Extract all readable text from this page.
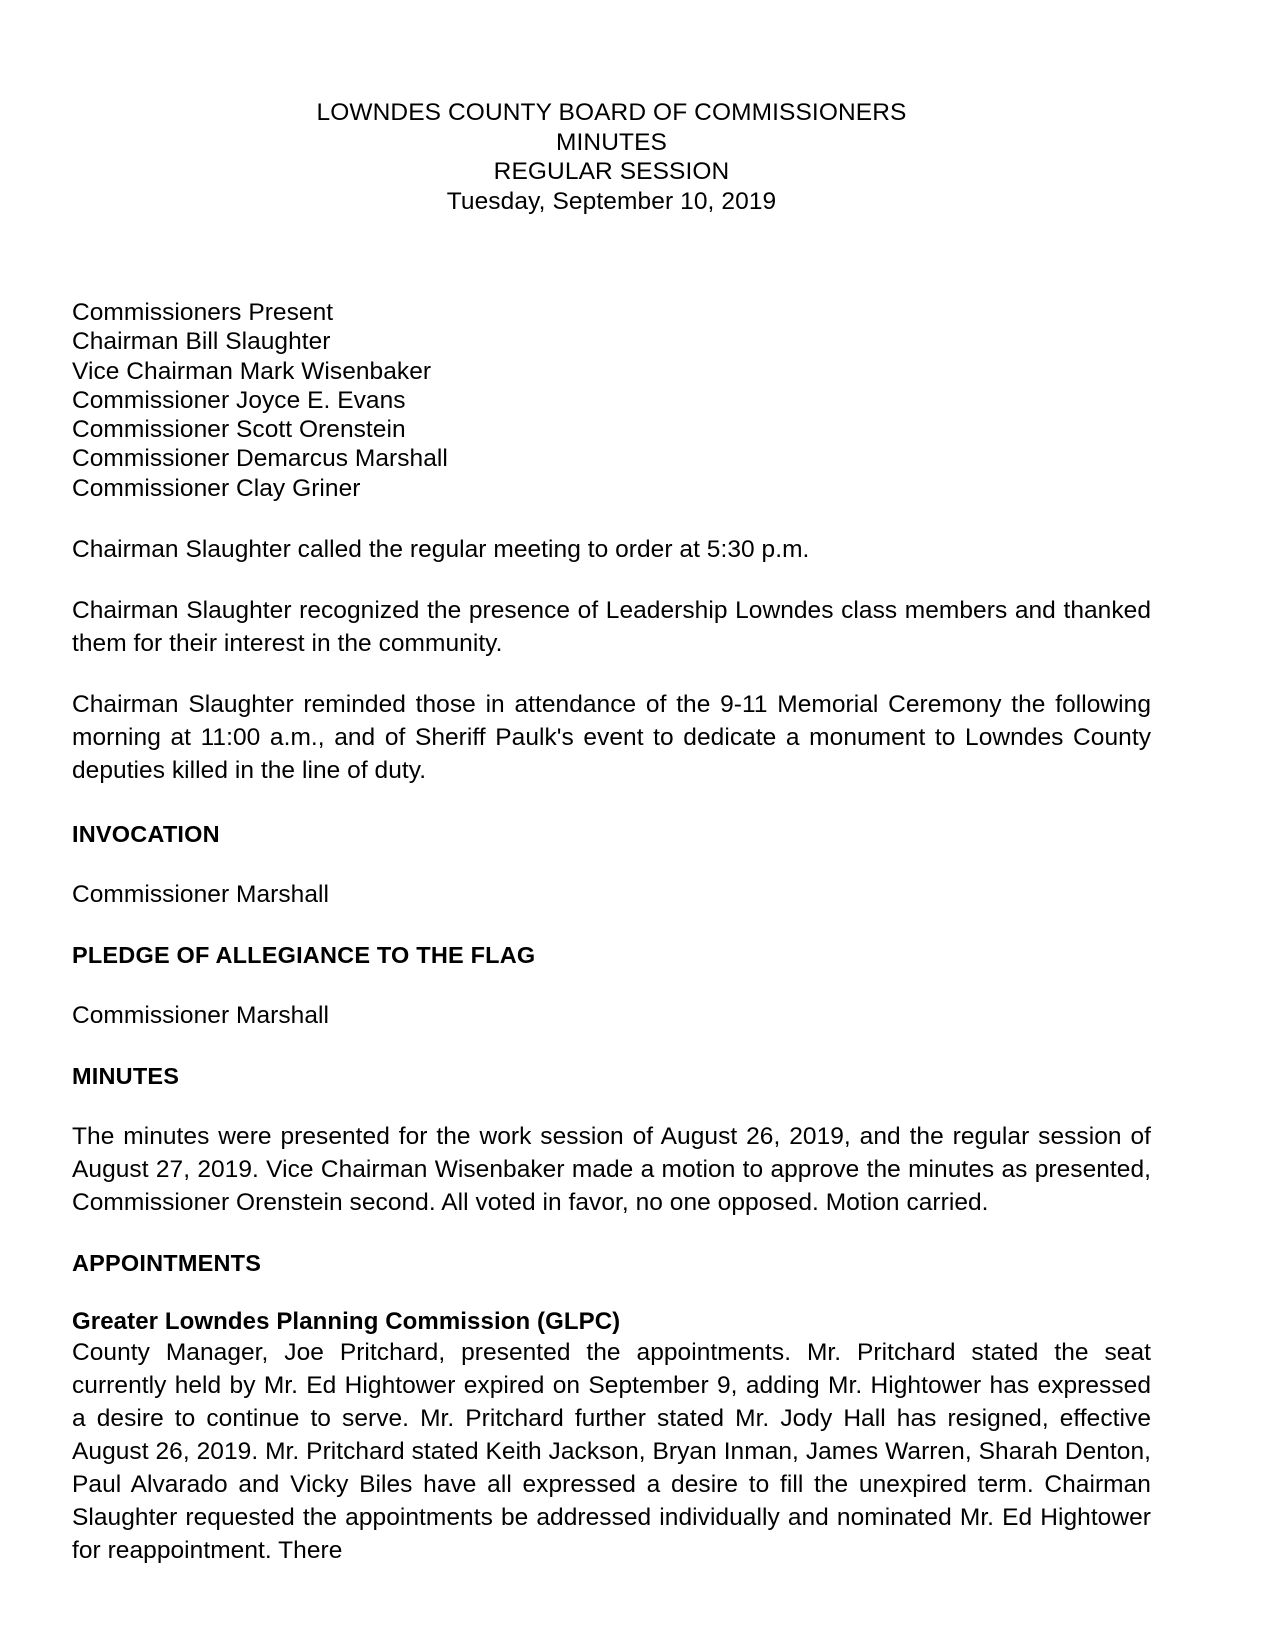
LOWNDES COUNTY BOARD OF COMMISSIONERS
MINUTES
REGULAR SESSION
Tuesday, September 10, 2019
Commissioners Present
Chairman Bill Slaughter
Vice Chairman Mark Wisenbaker
Commissioner Joyce E. Evans
Commissioner Scott Orenstein
Commissioner Demarcus Marshall
Commissioner Clay Griner

Chairman Slaughter called the regular meeting to order at 5:30 p.m.

Chairman Slaughter recognized the presence of Leadership Lowndes class members and thanked them for their interest in the community.

Chairman Slaughter reminded those in attendance of the 9-11 Memorial Ceremony the following morning at 11:00 a.m., and of Sheriff Paulk's event to dedicate a monument to Lowndes County deputies killed in the line of duty.

INVOCATION

Commissioner Marshall

PLEDGE OF ALLEGIANCE TO THE FLAG

Commissioner Marshall

MINUTES

The minutes were presented for the work session of August 26, 2019, and the regular session of August 27, 2019. Vice Chairman Wisenbaker made a motion to approve the minutes as presented, Commissioner Orenstein second. All voted in favor, no one opposed. Motion carried.

APPOINTMENTS
Greater Lowndes Planning Commission (GLPC)

County Manager, Joe Pritchard, presented the appointments. Mr. Pritchard stated the seat currently held by Mr. Ed Hightower expired on September 9, adding Mr. Hightower has expressed a desire to continue to serve. Mr. Pritchard further stated Mr. Jody Hall has resigned, effective August 26, 2019. Mr. Pritchard stated Keith Jackson, Bryan Inman, James Warren, Sharah Denton, Paul Alvarado and Vicky Biles have all expressed a desire to fill the unexpired term. Chairman Slaughter requested the appointments be addressed individually and nominated Mr. Ed Hightower for reappointment. There
